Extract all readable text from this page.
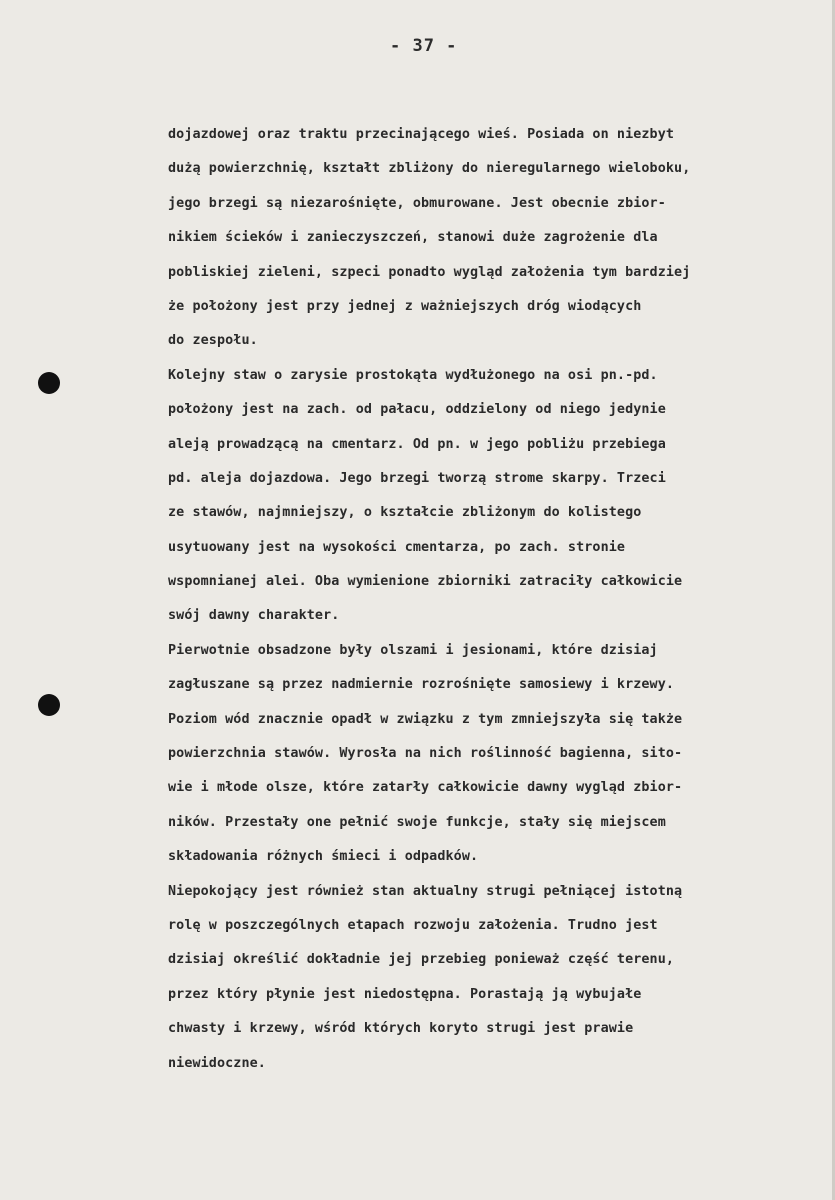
- 37 -
dojazdowej oraz traktu przecinającego wieś. Posiada on niezbyt
dużą powierzchnię, kształt zbliżony do nieregularnego wieloboku,
jego brzegi są niezarośnięte, obmurowane. Jest obecnie zbior-
nikiem ścieków i zanieczyszczeń, stanowi duże zagrożenie dla
pobliskiej zieleni, szpeci ponadto wygląd założenia tym bardziej
że położony jest przy jednej z ważniejszych dróg wiodących
do zespołu.
Kolejny staw o zarysie prostokąta wydłużonego na osi pn.-pd.
położony jest na zach. od pałacu, oddzielony od niego jedynie
aleją prowadzącą na cmentarz. Od pn. w jego pobliżu przebiega
pd. aleja dojazdowa. Jego brzegi tworzą strome skarpy. Trzeci
ze stawów, najmniejszy, o kształcie zbliżonym do kolistego
usytuowany jest na wysokości cmentarza, po zach. stronie
wspomnianej alei. Oba wymienione zbiorniki zatraciły całkowicie
swój dawny charakter.
Pierwotnie obsadzone były olszami i jesionami, które dzisiaj
zagłuszane są przez nadmiernie rozrośnięte samosiewy i krzewy.
Poziom wód znacznie opadł w związku z tym zmniejszyła się także
powierzchnia stawów. Wyrosła na nich roślinność bagienna, sito-
wie i młode olsze, które zatarły całkowicie dawny wygląd zbior-
ników. Przestały one pełnić swoje funkcje, stały się miejscem
składowania różnych śmieci i odpadków.
Niepokojący jest również stan aktualny strugi pełniącej istotną
rolę w poszczególnych etapach rozwoju założenia. Trudno jest
dzisiaj określić dokładnie jej przebieg ponieważ część terenu,
przez który płynie jest niedostępna. Porastają ją wybujałe
chwasty i krzewy, wśród których koryto strugi jest prawie
niewidoczne.
